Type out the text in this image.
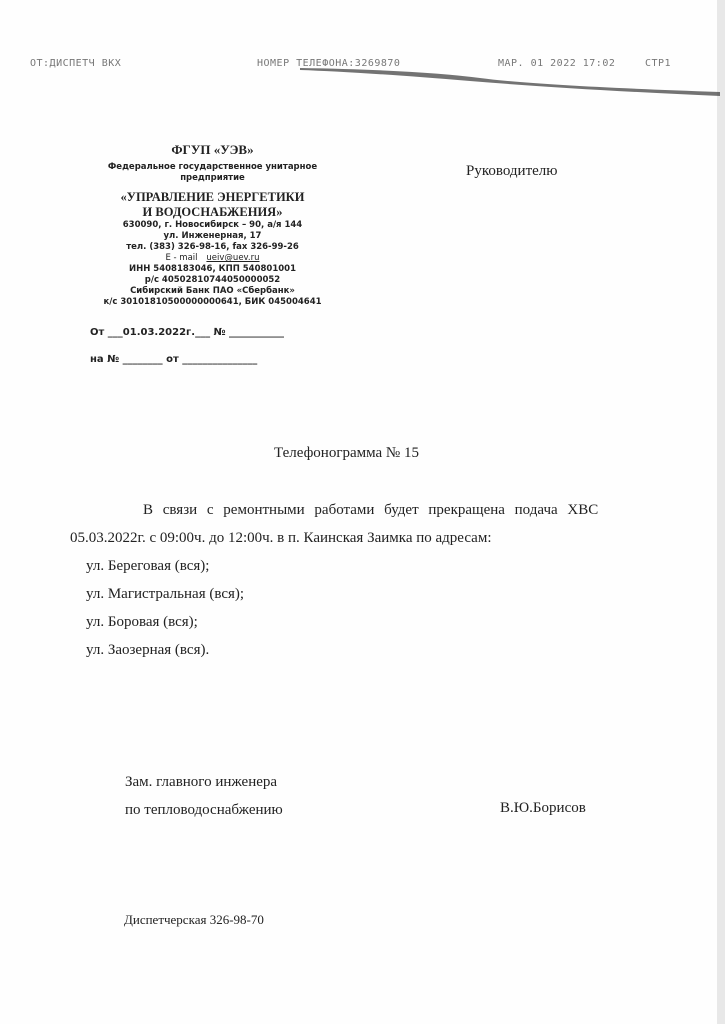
ОТ:ДИСПЕТЧ ВКХ	НОМЕР ТЕЛЕФОНА:3269870	МАР. 01 2022 17:02	СТР1
ФГУП «УЭВ»
Федеральное государственное унитарное
предприятие
«УПРАВЛЕНИЕ ЭНЕРГЕТИКИ
И ВОДОСНАБЖЕНИЯ»
630090, г. Новосибирск – 90, а/я 144
ул. Инженерная, 17
тел. (383) 326-98-16, fax 326-99-26
E - mail ueiv@uev.ru
ИНН 5408183046, КПП 540801001
р/с 40502810744050000052
Сибирский Банк ПАО «Сбербанк»
к/с 30101810500000000641, БИК 045004641
От ___01.03.2022г.___ № ___________
на № ________ от _______________
Руководителю
Телефонограмма № 15
В связи с ремонтными работами будет прекращена подача ХВС
05.03.2022г. с 09:00ч. до 12:00ч. в п. Каинская Заимка по адресам:
ул. Береговая (вся);
ул. Магистральная (вся);
ул. Боровая (вся);
ул. Заозерная (вся).
Зам. главного инженера
по тепловодоснабжению	В.Ю.Борисов
Диспетчерская 326-98-70
